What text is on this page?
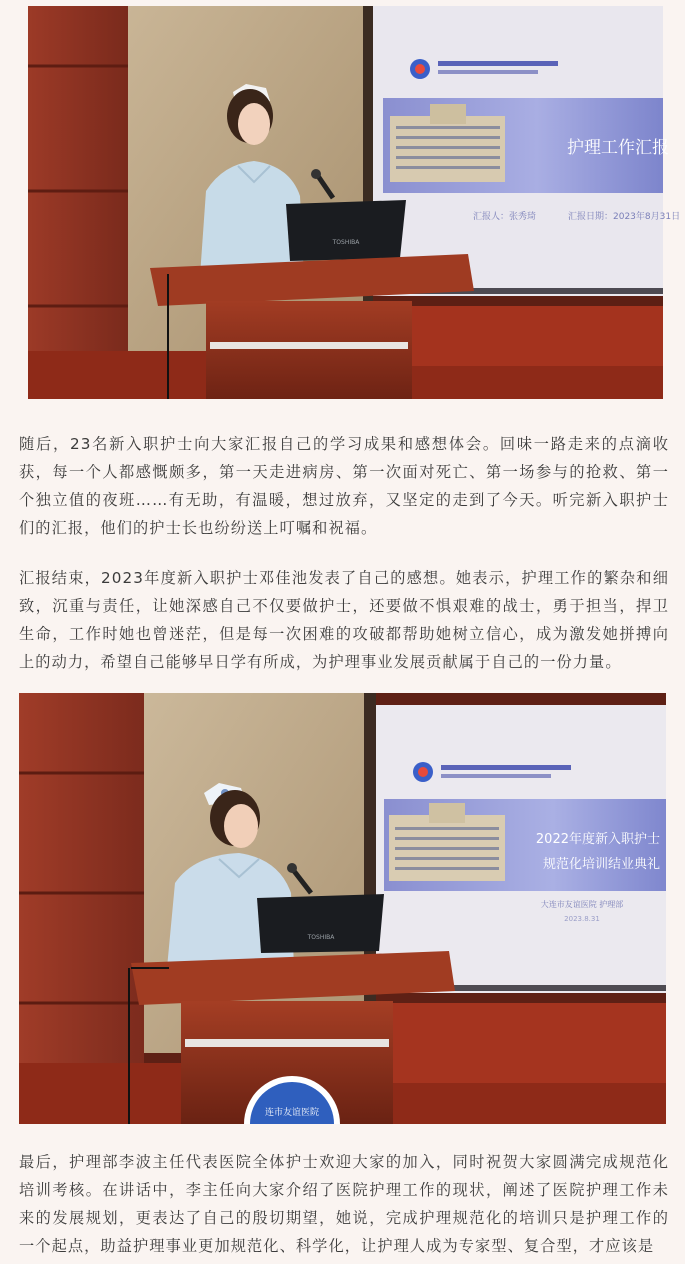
护理工作汇报
汇报人：张秀琦	汇报日期：2023年8月31日
TOSHIBA

随后，23名新入职护士向大家汇报自己的学习成果和感想体会。回味一路走来的点滴收获，每一个人都感慨颇多，第一天走进病房、第一次面对死亡、第一场参与的抢救、第一个独立值的夜班……有无助，有温暖，想过放弃，又坚定的走到了今天。听完新入职护士们的汇报，他们的护士长也纷纷送上叮嘱和祝福。

汇报结束，2023年度新入职护士邓佳池发表了自己的感想。她表示，护理工作的繁杂和细致，沉重与责任，让她深感自己不仅要做护士，还要做不惧艰难的战士，勇于担当，捍卫生命，工作时她也曾迷茫，但是每一次困难的攻破都帮助她树立信心，成为激发她拼搏向上的动力，希望自己能够早日学有所成，为护理事业发展贡献属于自己的一份力量。

2022年度新入职护士
规范化培训结业典礼
大连市友谊医院 护理部
2023.8.31
TOSHIBA
连市友谊医院

最后，护理部李波主任代表医院全体护士欢迎大家的加入，同时祝贺大家圆满完成规范化培训考核。在讲话中，李主任向大家介绍了医院护理工作的现状，阐述了医院护理工作未来的发展规划，更表达了自己的殷切期望，她说，完成护理规范化的培训只是护理工作的一个起点，助益护理事业更加规范化、科学化，让护理人成为专家型、复合型，才应该是
